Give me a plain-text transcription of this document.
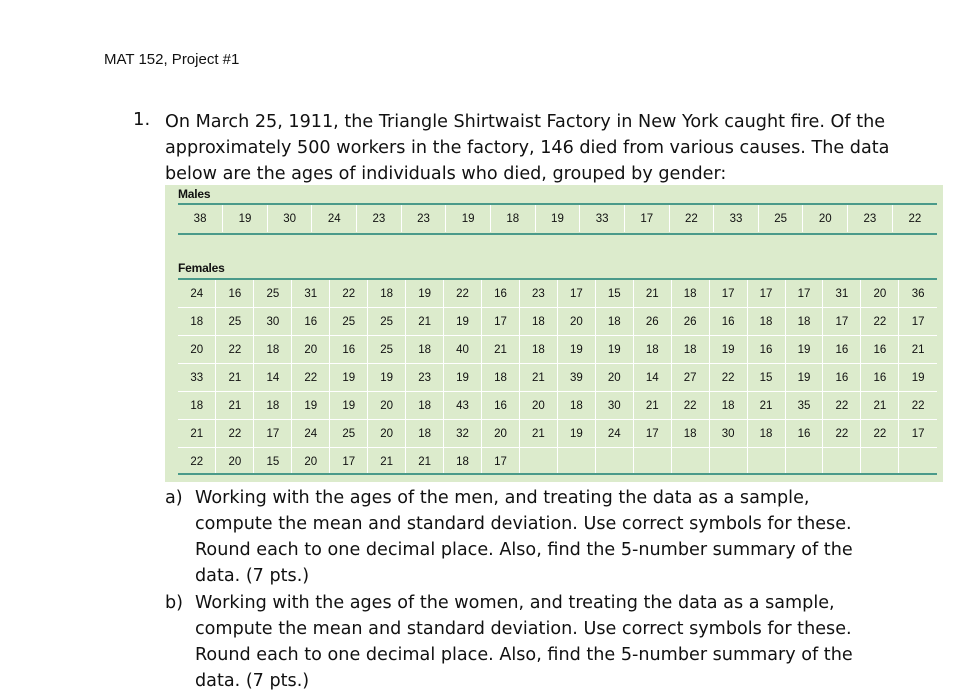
MAT 152, Project #1
1. On March 25, 1911, the Triangle Shirtwaist Factory in New York caught fire. Of the approximately 500 workers in the factory, 146 died from various causes. The data below are the ages of individuals who died, grouped by gender:
Males
38	19	30	24	23	23	19	18	19	33	17	22	33	25	20	23	22
Females
24	16	25	31	22	18	19	22	16	23	17	15	21	18	17	17	17	31	20	36
18	25	30	16	25	25	21	19	17	18	20	18	26	26	16	18	18	17	22	17
20	22	18	20	16	25	18	40	21	18	19	19	18	18	19	16	19	16	16	21
33	21	14	22	19	19	23	19	18	21	39	20	14	27	22	15	19	16	16	19
18	21	18	19	19	20	18	43	16	20	18	30	21	22	18	21	35	22	21	22
21	22	17	24	25	20	18	32	20	21	19	24	17	18	30	18	16	22	22	17
22	20	15	20	17	21	21	18	17											
a) Working with the ages of the men, and treating the data as a sample, compute the mean and standard deviation. Use correct symbols for these. Round each to one decimal place. Also, find the 5-number summary of the data. (7 pts.)
b) Working with the ages of the women, and treating the data as a sample, compute the mean and standard deviation. Use correct symbols for these. Round each to one decimal place. Also, find the 5-number summary of the data. (7 pts.)
